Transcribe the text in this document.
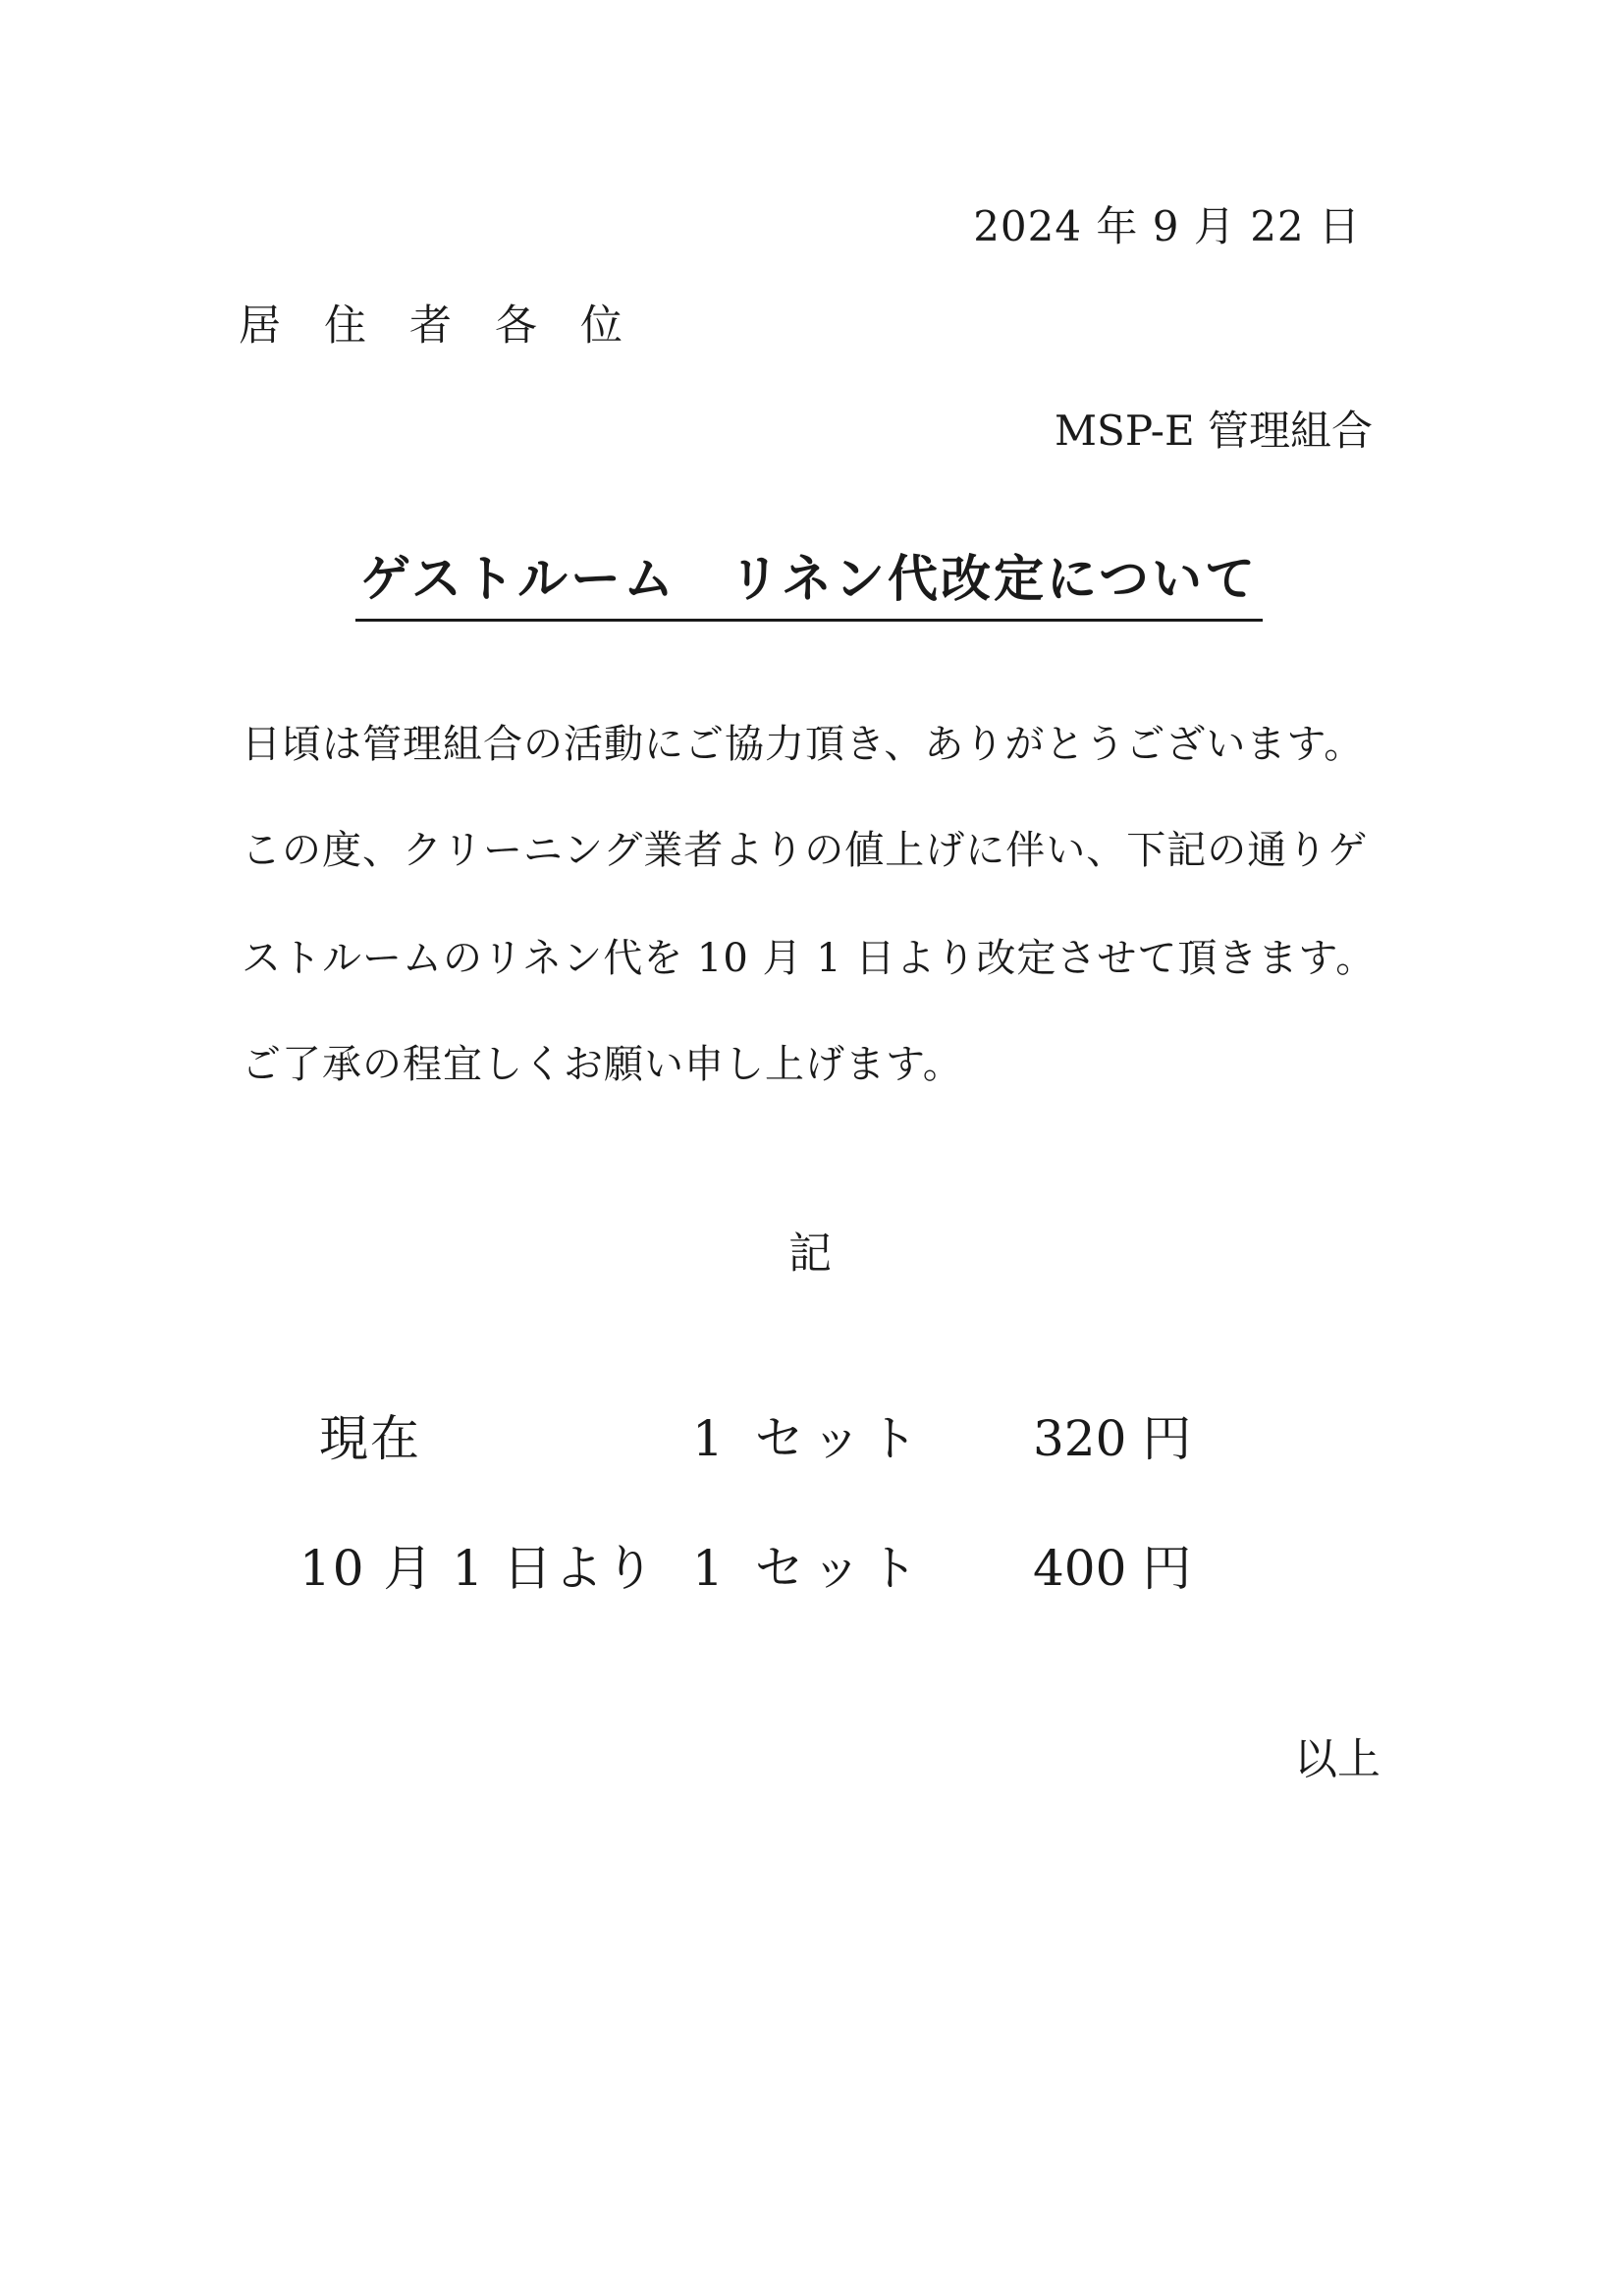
2024 年 9 月 22 日
居住者各位
MSP-E 管理組合
ゲストルーム　リネン代改定について
日頃は管理組合の活動にご協力頂き、ありがとうございます。
この度、クリーニング業者よりの値上げに伴い、下記の通りゲ
ストルームのリネン代を 10 月 1 日より改定させて頂きます。
ご了承の程宜しくお願い申し上げます。
記
現在	1 セット 320 円
10 月 1 日より 1 セット 400 円
以上
